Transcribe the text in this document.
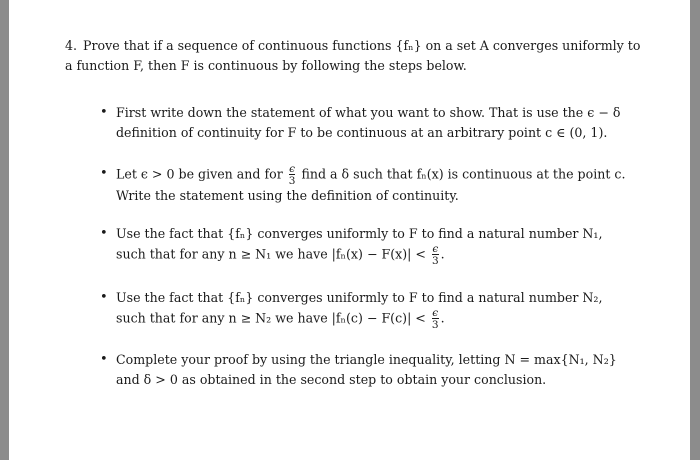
4. Prove that if a sequence of continuous functions {fₙ} on a set A converges uniformly to a function F, then F is continuous by following the steps below.
• First write down the statement of what you want to show. That is use the ϵ − δ definition of continuity for F to be continuous at an arbitrary point c ∈ (0, 1).
• Let ϵ > 0 be given and for $\frac{\epsilon}{3}$ find a δ such that fₙ(x) is continuous at the point c. Write the statement using the definition of continuity.
• Use the fact that {fₙ} converges uniformly to F to find a natural number N₁, such that for any n ≥ N₁ we have $|f_n(x) - F(x)| < \frac{\epsilon}{3}$ .
• Use the fact that {fₙ} converges uniformly to F to find a natural number N₂, such that for any n ≥ N₂ we have $|f_n(c) - F(c)| < \frac{\epsilon}{3}$ .
• Complete your proof by using the triangle inequality, letting N = max{N₁, N₂} and δ > 0 as obtained in the second step to obtain your conclusion.
